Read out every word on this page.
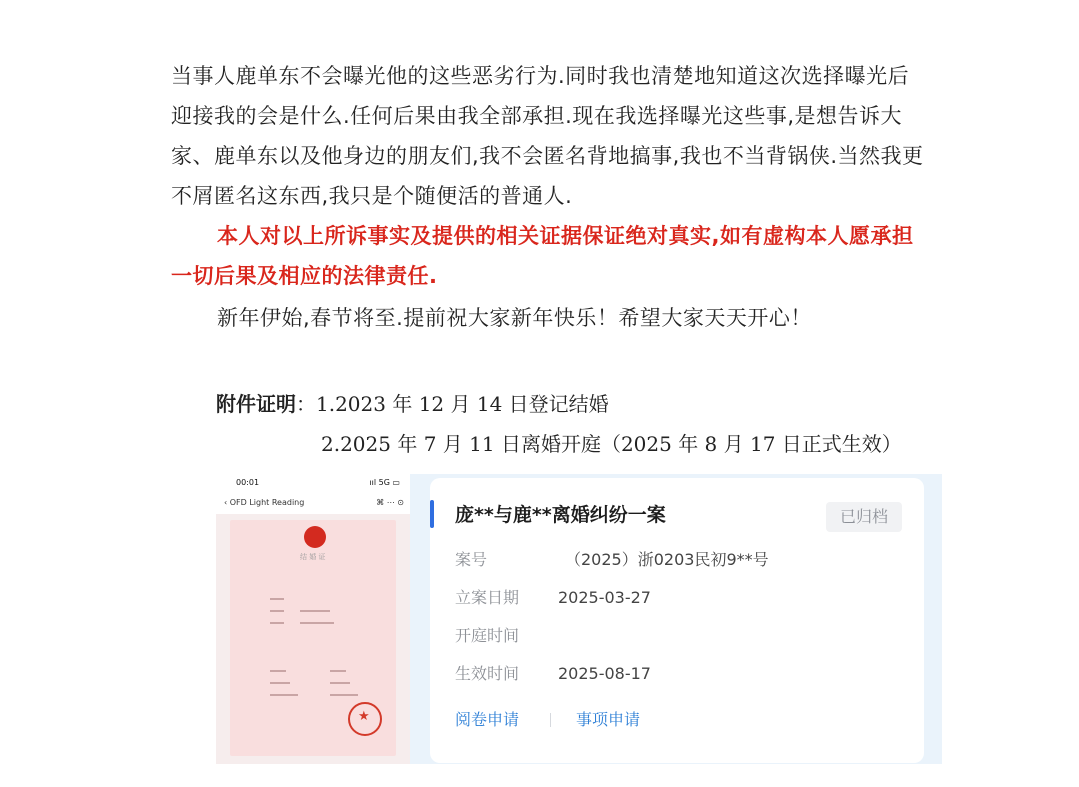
当事人鹿单东不会曝光他的这些恶劣行为.同时我也清楚地知道这次选择曝光后
迎接我的会是什么.任何后果由我全部承担.现在我选择曝光这些事,是想告诉大
家、鹿单东以及他身边的朋友们,我不会匿名背地搞事,我也不当背锅侠.当然我更
不屑匿名这东西,我只是个随便活的普通人.
本人对以上所诉事实及提供的相关证据保证绝对真实,如有虚构本人愿承担
一切后果及相应的法律责任.
新年伊始,春节将至.提前祝大家新年快乐！希望大家天天开心！
附件证明：1.2023 年 12 月 14 日登记结婚
2.2025 年 7 月 11 日离婚开庭（2025 年 8 月 17 日正式生效）
00:01	ııl 5G ▭
‹ OFD Light Reading	⌘ ⋯ ⊙
结 婚 证
★
庞**与鹿**离婚纠纷一案	已归档
案号	（2025）浙0203民初9**号
立案日期 2025-03-27
开庭时间
生效时间 2025-08-17
阅卷申请	事项申请
